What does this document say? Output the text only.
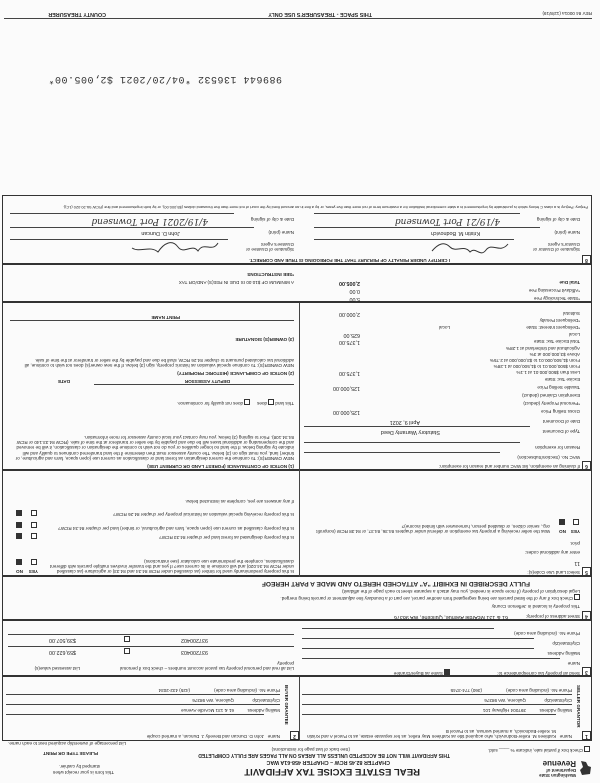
Washington State
Department of
Revenue
REAL ESTATE EXCISE TAX AFFIDAVIT
CHAPTER 82.45 RCW – CHAPTER 458-61A WAC
THIS AFFIDAVIT WILL NOT BE ACCEPTED UNLESS ALL AREAS ON ALL PAGES ARE FULLY COMPLETED
(See back of last page for instructions)
This form is your receipt when
stamped by cashier.
PLEASE TYPE OR PRINT
Check box if partial sale, indicate % ____ sold.
List percentage of ownership acquired next to each name.
1
2
SELLER GRANTOR
BUYER GRANTEE
Name
Kathleen M. Keller-Bodnovich, who acquired title as Kathleen May Keller, as her separate estate, as to Parcel A and Kristin M. Keller-Bodnovich, a married woman, as to Parcel B
Mailing Address
397004 Highway 101
City/State/Zip
Quilcene, WA 98376
Phone No. (including area code)
(360) 774-3745
Name
John D. Duncan and Beverly J. Duncan, a married couple
Mailing Address
61 & 131 McArdle Avenue
City/State/Zip
Quilcene, WA 98376
Phone No. (including area code)
(425) 432-2034
3
Send all property tax correspondence to:
Same as Buyer/Grantee
Name
Mailing Address
City/State/Zip
Phone No. (including area code)
List all real and personal property tax parcel account numbers – check box if personal property
List assessed value(s)
937200403
$59,622.00
937200402
$39,507.00
4
Street address of property:
61 & 131 McArdle Avenue, Quilcene, WA 98376
This property is located in Jefferson County
Check box if any of the listed parcels are being segregated from another parcel, are part of a boundary line adjustment or parcels being merged.
Legal description of property (if more space is needed, you may attach a separate sheet to each page of the affidavit)
FULLY DESCRIBED IN EXHIBIT "A" ATTACHED HERETO AND MADE A PART HEREOF
5
Select Land Use Code(s):
11
enter any additional codes:
prior.
YES
NO
Was the seller receiving a property tax exemption or deferral under chapters 84.36, 84.37, or 84.38 RCW (nonprofit org., senior citizen, or disabled person, homeowner with limited income)?
Is this property predominantly used for timber (as classified under RCW 84.34 and 84.33) or agriculture (as classified under RCW 84.34.020) and will continue in its current use? If yes and the transfer involves multiple parcels with different classifications, complete the predominate use calculator (see instructions)
YES
NO
Is this property designated as forest land per chapter 84.33 RCW?
Is this property classified as current use (open space, farm and agricultural, or timber) land per chapter 84.34 RCW?
Is this property receiving special valuation as historical property per chapter 84.26 RCW?
If any answers are yes, complete as instructed below.
6
If claiming an exemption, list WAC number and reason for exemption:
WAC No. (Section/Subsection)
Reason for exemption
Type of Document
Statutory Warranty Deed
Date of Document
April 9, 2021
Gross Selling Price
125,000.00
*Personal Property (deduct)
Exemption Claimed (deduct)
Taxable Selling Price
125,000.00
Excise Tax: State
Less than $500,000.01 at 1.1%
1,375.00
From $500,000.01 to $1,500,000 at 1.28%
From $1,500,000.01 to $3,000,000 at 2.75%
Above $3,000,000 at 3%
Agricultural and timberland at 1.28%
Total Excise Tax: State
1,375.00
Local
625.00
*Delinquent Interest: State
Local
*Delinquent Penalty
Subtotal
2,000.00
(1) NOTICE OF CONTINUANCE (FOREST LAND OR CURRENT USE)
NEW OWNER(S): To continue the current designation as forest land or classification as current use (open space, farm and agriculture, or timber) land, you must sign on (3) below. The county assessor must then determine if the land transferred continues to qualify and will indicate by signing below. If the land no longer qualifies or you do not wish to continue the designation or classification, it will be removed and the compensating or additional taxes will be due and payable by the seller or transferor at the time of sale. (RCW 84.33.140 or RCW 84.34.108). Prior to signing (3) below, you may contact your local county assessor for more information.
This land
does
does not qualify for continuance.
DEPUTY ASSESSOR
DATE
(2) NOTICE OF COMPLIANCE (HISTORIC PROPERTY)
NEW OWNER(S): To continue special valuation as historic property, sign (3) below. If the new owner(s) does not wish to continue, all additional tax calculated pursuant to chapter 84.26 RCW, shall be due and payable by the seller or transferor at the time of sale.
(3) OWNER(S) SIGNATURE
PRINT NAME
*State Technology Fee
5.00
*Affidavit Processing Fee
0.00
Total Due
2,005.00
A MINIMUM OF $10.00 IS DUE IN FEE(S) AND/OR TAX
*SEE INSTRUCTIONS
8
I CERTIFY UNDER PENALTY OF PERJURY THAT THE FOREGOING IS TRUE AND CORRECT.
Signature of Grantor or Grantor's Agent
Signature of Grantee or Grantee's Agent
Name (print)
Kristin M. Bodnovich
Name (print)
John D. Duncan
Date & city of signing
4/19/21 Port Townsend
Date & city of signing
4/19/2021 Port Townsend
Perjury: Perjury is a class C felony which is punishable by imprisonment in a state correctional institution for a maximum term of not more than five years, or by a fine in an amount fixed by the court of not more than five thousand dollars ($5,000.00), or by both imprisonment and fine (RCW 9A.20.020 (1C)).
989644 136532 *04/20/2021 $2,005.00*
REV 84 0001a (12/8/19)
THIS SPACE - TREASURER'S USE ONLY
COUNTY TREASURER
